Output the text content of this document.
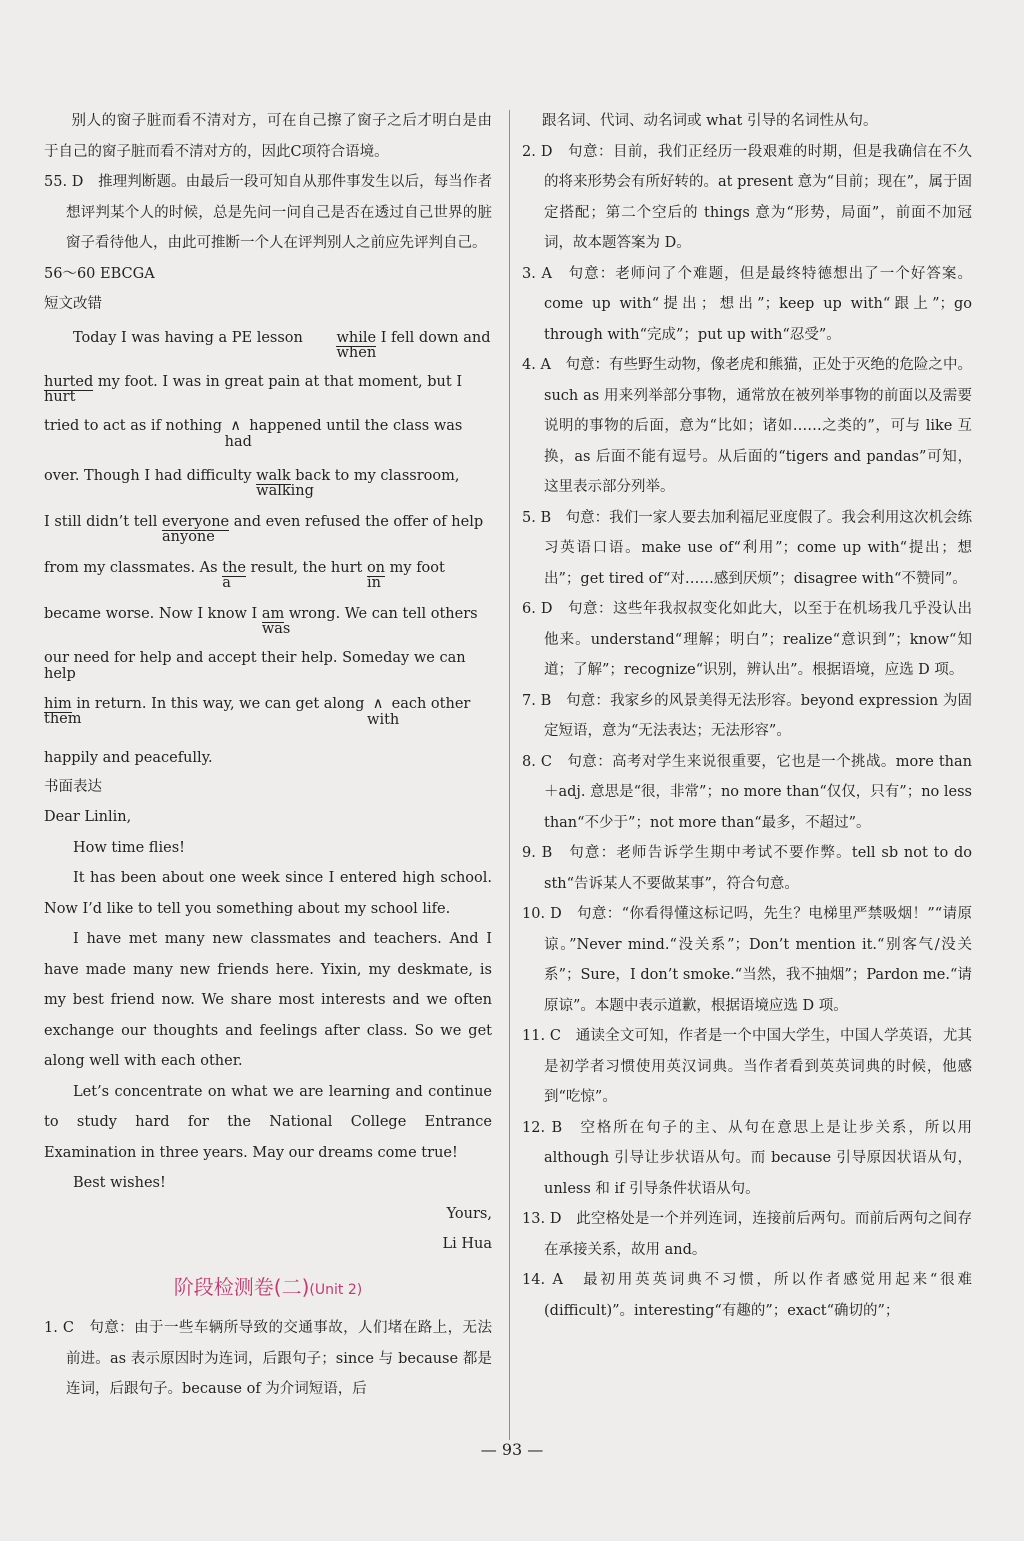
别人的窗子脏而看不清对方，可在自己擦了窗子之后才明白是由于自己的窗子脏而看不清对方的，因此C项符合语境。
55. D　推理判断题。由最后一段可知自从那件事发生以后，每当作者想评判某个人的时候，总是先问一问自己是否在透过自己世界的脏窗子看待他人，由此可推断一个人在评判别人之前应先评判自己。
56～60 EBCGA
短文改错
Today I was having a PE lesson while
when
I fell down and
hurted
hurt
my foot. I was in great pain at that moment, but I
tried to act as if nothing ∧
had
happened until the class was
over. Though I had difficulty walk
walking
back to my classroom,
I still didn’t tell everyone
anyone
and even refused the offer of help
from my classmates. As the
a
result, the hurt $\frac{on}{in}$ my foot
became worse. Now I know I am
was
wrong. We can tell others
our need for help and accept their help. Someday we can help
him
them
in return. In this way, we can get along ∧
with
each other
happily and peacefully.
书面表达
Dear Linlin,
How time flies!
It has been about one week since I entered high school. Now I’d like to tell you something about my school life.
I have met many new classmates and teachers. And I have made many new friends here. Yixin, my deskmate, is my best friend now. We share most interests and we often exchange our thoughts and feelings after class. So we get along well with each other.
Let’s concentrate on what we are learning and continue to study hard for the National College Entrance Examination in three years. May our dreams come true!
Best wishes!
Yours,
Li Hua
阶段检测卷(二)(Unit 2)
1. C　句意：由于一些车辆所导致的交通事故，人们堵在路上，无法前进。as 表示原因时为连词，后跟句子；since 与 because 都是连词，后跟句子。because of 为介词短语，后
跟名词、代词、动名词或 what 引导的名词性从句。
2. D　句意：目前，我们正经历一段艰难的时期，但是我确信在不久的将来形势会有所好转的。at present 意为“目前；现在”，属于固定搭配；第二个空后的 things 意为“形势，局面”，前面不加冠词，故本题答案为 D。
3. A　句意：老师问了个难题，但是最终特德想出了一个好答案。come up with“提出；想出”；keep up with“跟上”；go through with“完成”；put up with“忍受”。
4. A　句意：有些野生动物，像老虎和熊猫，正处于灭绝的危险之中。such as 用来列举部分事物，通常放在被列举事物的前面以及需要说明的事物的后面，意为“比如；诸如……之类的”，可与 like 互换，as 后面不能有逗号。从后面的“tigers and pandas”可知，这里表示部分列举。
5. B　句意：我们一家人要去加利福尼亚度假了。我会利用这次机会练习英语口语。make use of“利用”；come up with“提出；想出”；get tired of“对……感到厌烦”；disagree with“不赞同”。
6. D　句意：这些年我叔叔变化如此大，以至于在机场我几乎没认出他来。understand“理解；明白”；realize“意识到”；know“知道；了解”；recognize“识别，辨认出”。根据语境，应选 D 项。
7. B　句意：我家乡的风景美得无法形容。beyond expression 为固定短语，意为“无法表达；无法形容”。
8. C　句意：高考对学生来说很重要，它也是一个挑战。more than＋adj. 意思是“很，非常”；no more than“仅仅，只有”；no less than“不少于”；not more than“最多，不超过”。
9. B　句意：老师告诉学生期中考试不要作弊。tell sb not to do sth“告诉某人不要做某事”，符合句意。
10. D　句意：“你看得懂这标记吗，先生？电梯里严禁吸烟！”“请原谅。”Never mind.“没关系”；Don’t mention it.“别客气/没关系”；Sure，I don’t smoke.“当然，我不抽烟”；Pardon me.“请原谅”。本题中表示道歉，根据语境应选 D 项。
11. C　通读全文可知，作者是一个中国大学生，中国人学英语，尤其是初学者习惯使用英汉词典。当作者看到英英词典的时候，他感到“吃惊”。
12. B　空格所在句子的主、从句在意思上是让步关系，所以用 although 引导让步状语从句。而 because 引导原因状语从句，unless 和 if 引导条件状语从句。
13. D　此空格处是一个并列连词，连接前后两句。而前后两句之间存在承接关系，故用 and。
14. A　最初用英英词典不习惯，所以作者感觉用起来“很难 (difficult)”。interesting“有趣的”；exact“确切的”；
— 93 —
